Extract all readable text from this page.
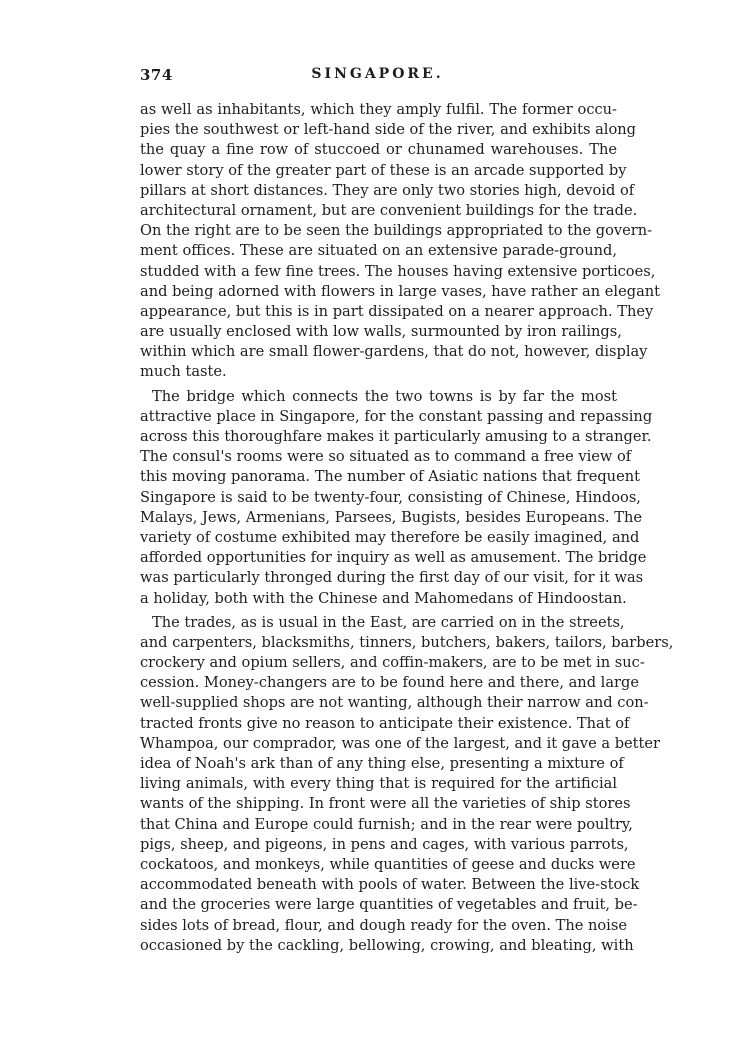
374	SINGAPORE.
as well as inhabitants, which they amply fulfil. The former occu-
pies the southwest or left-hand side of the river, and exhibits along
the quay a fine row of stuccoed or chunamed warehouses. The
lower story of the greater part of these is an arcade supported by
pillars at short distances. They are only two stories high, devoid of
architectural ornament, but are convenient buildings for the trade.
On the right are to be seen the buildings appropriated to the govern-
ment offices. These are situated on an extensive parade-ground,
studded with a few fine trees. The houses having extensive porticoes,
and being adorned with flowers in large vases, have rather an elegant
appearance, but this is in part dissipated on a nearer approach. They
are usually enclosed with low walls, surmounted by iron railings,
within which are small flower-gardens, that do not, however, display
much taste.
The bridge which connects the two towns is by far the most
attractive place in Singapore, for the constant passing and repassing
across this thoroughfare makes it particularly amusing to a stranger.
The consul's rooms were so situated as to command a free view of
this moving panorama. The number of Asiatic nations that frequent
Singapore is said to be twenty-four, consisting of Chinese, Hindoos,
Malays, Jews, Armenians, Parsees, Bugists, besides Europeans. The
variety of costume exhibited may therefore be easily imagined, and
afforded opportunities for inquiry as well as amusement. The bridge
was particularly thronged during the first day of our visit, for it was
a holiday, both with the Chinese and Mahomedans of Hindoostan.
The trades, as is usual in the East, are carried on in the streets,
and carpenters, blacksmiths, tinners, butchers, bakers, tailors, barbers,
crockery and opium sellers, and coffin-makers, are to be met in suc-
cession. Money-changers are to be found here and there, and large
well-supplied shops are not wanting, although their narrow and con-
tracted fronts give no reason to anticipate their existence. That of
Whampoa, our comprador, was one of the largest, and it gave a better
idea of Noah's ark than of any thing else, presenting a mixture of
living animals, with every thing that is required for the artificial
wants of the shipping. In front were all the varieties of ship stores
that China and Europe could furnish; and in the rear were poultry,
pigs, sheep, and pigeons, in pens and cages, with various parrots,
cockatoos, and monkeys, while quantities of geese and ducks were
accommodated beneath with pools of water. Between the live-stock
and the groceries were large quantities of vegetables and fruit, be-
sides lots of bread, flour, and dough ready for the oven. The noise
occasioned by the cackling, bellowing, crowing, and bleating, with
